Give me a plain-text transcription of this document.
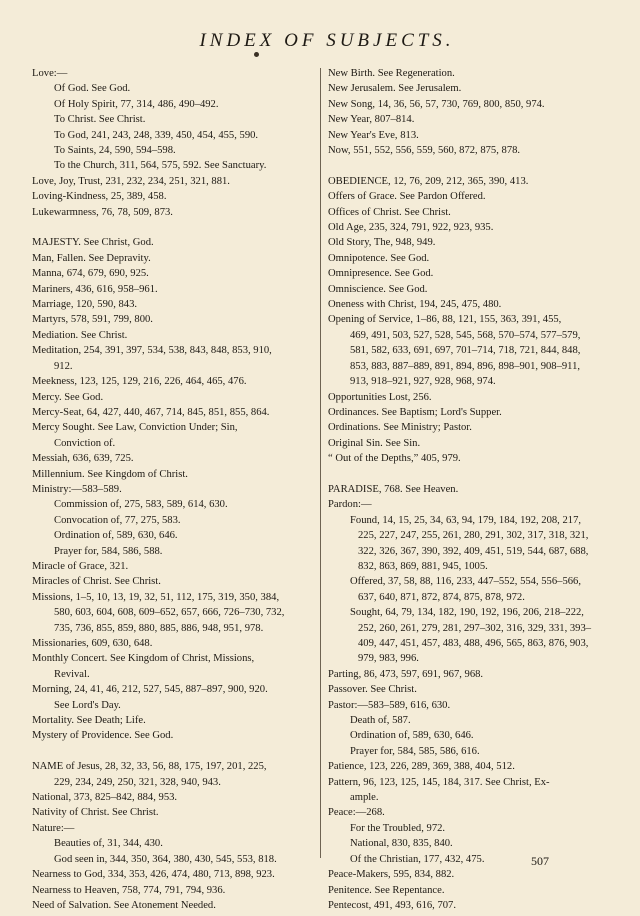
INDEX OF SUBJECTS.
Love:—
Of God. See God.
Of Holy Spirit, 77, 314, 486, 490–492.
To Christ. See Christ.
To God, 241, 243, 248, 339, 450, 454, 455, 590.
To Saints, 24, 590, 594–598.
To the Church, 311, 564, 575, 592. See Sanctuary.
Love, Joy, Trust, 231, 232, 234, 251, 321, 881.
Loving-Kindness, 25, 389, 458.
Lukewarmness, 76, 78, 509, 873.
MAJESTY. See Christ, God.
Man, Fallen. See Depravity.
Manna, 674, 679, 690, 925.
Mariners, 436, 616, 958–961.
Marriage, 120, 590, 843.
Martyrs, 578, 591, 799, 800.
Mediation. See Christ.
Meditation, 254, 391, 397, 534, 538, 843, 848, 853, 910,
912.
Meekness, 123, 125, 129, 216, 226, 464, 465, 476.
Mercy. See God.
Mercy-Seat, 64, 427, 440, 467, 714, 845, 851, 855, 864.
Mercy Sought. See Law, Conviction Under; Sin,
Conviction of.
Messiah, 636, 639, 725.
Millennium. See Kingdom of Christ.
Ministry:—583–589.
Commission of, 275, 583, 589, 614, 630.
Convocation of, 77, 275, 583.
Ordination of, 589, 630, 646.
Prayer for, 584, 586, 588.
Miracle of Grace, 321.
Miracles of Christ. See Christ.
Missions, 1–5, 10, 13, 19, 32, 51, 112, 175, 319, 350, 384,
580, 603, 604, 608, 609–652, 657, 666, 726–730, 732,
735, 736, 855, 859, 880, 885, 886, 948, 951, 978.
Missionaries, 609, 630, 648.
Monthly Concert. See Kingdom of Christ, Missions,
Revival.
Morning, 24, 41, 46, 212, 527, 545, 887–897, 900, 920.
See Lord's Day.
Mortality. See Death; Life.
Mystery of Providence. See God.
NAME of Jesus, 28, 32, 33, 56, 88, 175, 197, 201, 225,
229, 234, 249, 250, 321, 328, 940, 943.
National, 373, 825–842, 884, 953.
Nativity of Christ. See Christ.
Nature:—
Beauties of, 31, 344, 430.
God seen in, 344, 350, 364, 380, 430, 545, 553, 818.
Nearness to God, 334, 353, 426, 474, 480, 713, 898, 923.
Nearness to Heaven, 758, 774, 791, 794, 936.
Need of Salvation. See Atonement Needed.
New Birth. See Regeneration.
New Jerusalem. See Jerusalem.
New Song, 14, 36, 56, 57, 730, 769, 800, 850, 974.
New Year, 807–814.
New Year's Eve, 813.
Now, 551, 552, 556, 559, 560, 872, 875, 878.
OBEDIENCE, 12, 76, 209, 212, 365, 390, 413.
Offers of Grace. See Pardon Offered.
Offices of Christ. See Christ.
Old Age, 235, 324, 791, 922, 923, 935.
Old Story, The, 948, 949.
Omnipotence. See God.
Omnipresence. See God.
Omniscience. See God.
Oneness with Christ, 194, 245, 475, 480.
Opening of Service, 1–86, 88, 121, 155, 363, 391, 455,
469, 491, 503, 527, 528, 545, 568, 570–574, 577–579,
581, 582, 633, 691, 697, 701–714, 718, 721, 844, 848,
853, 883, 887–889, 891, 894, 896, 898–901, 908–911,
913, 918–921, 927, 928, 968, 974.
Opportunities Lost, 256.
Ordinances. See Baptism; Lord's Supper.
Ordinations. See Ministry; Pastor.
Original Sin. See Sin.
“ Out of the Depths,” 405, 979.
PARADISE, 768. See Heaven.
Pardon:—
Found, 14, 15, 25, 34, 63, 94, 179, 184, 192, 208, 217,
225, 227, 247, 255, 261, 280, 291, 302, 317, 318, 321,
322, 326, 367, 390, 392, 409, 451, 519, 544, 687, 688,
832, 863, 869, 881, 945, 1005.
Offered, 37, 58, 88, 116, 233, 447–552, 554, 556–566,
637, 640, 871, 872, 874, 875, 878, 972.
Sought, 64, 79, 134, 182, 190, 192, 196, 206, 218–222,
252, 260, 261, 279, 281, 297–302, 316, 329, 331, 393–
409, 447, 451, 457, 483, 488, 496, 565, 863, 876, 903,
979, 983, 996.
Parting, 86, 473, 597, 691, 967, 968.
Passover. See Christ.
Pastor:—583–589, 616, 630.
Death of, 587.
Ordination of, 589, 630, 646.
Prayer for, 584, 585, 586, 616.
Patience, 123, 226, 289, 369, 388, 404, 512.
Pattern, 96, 123, 125, 145, 184, 317. See Christ, Ex-
ample.
Peace:—268.
For the Troubled, 972.
National, 830, 835, 840.
Of the Christian, 177, 432, 475.
Peace-Makers, 595, 834, 882.
Penitence. See Repentance.
Pentecost, 491, 493, 616, 707.
507
